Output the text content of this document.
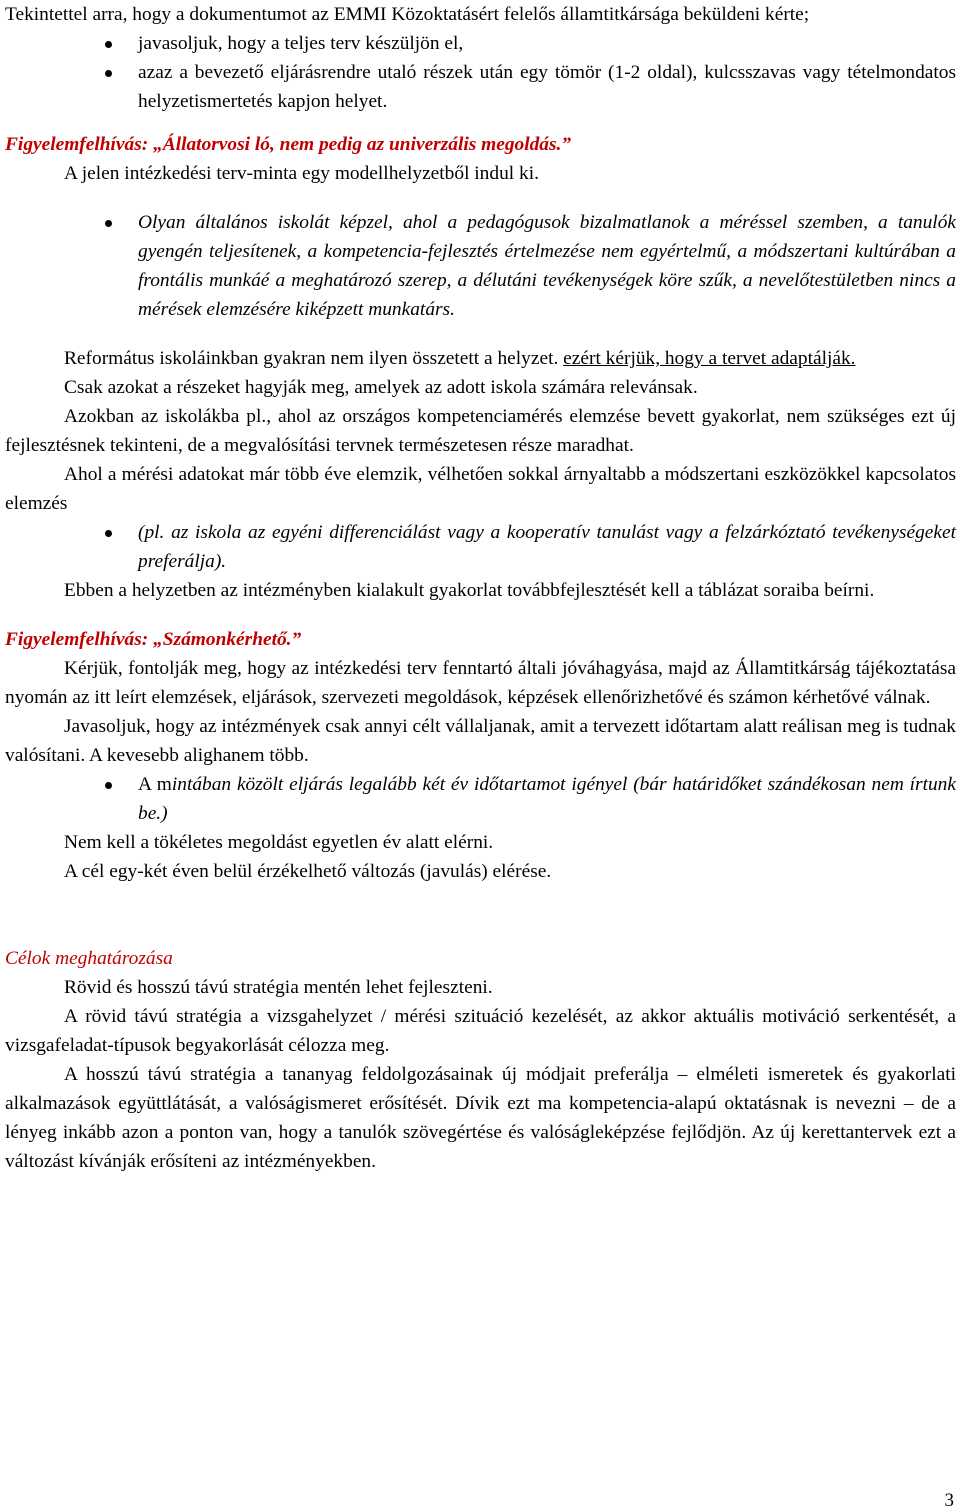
Tekintettel arra, hogy a dokumentumot az EMMI Közoktatásért felelős államtitkársága beküldeni kérte;

javasoljuk, hogy a teljes terv készüljön el,
azaz a bevezető eljárásrendre utaló részek után egy tömör (1-2 oldal), kulcsszavas vagy tételmondatos helyzetismertetés kapjon helyet.

Figyelemfelhívás: „Állatorvosi ló, nem pedig az univerzális megoldás.”

A jelen intézkedési terv-minta egy modellhelyzetből indul ki.

Olyan általános iskolát képzel, ahol a pedagógusok bizalmatlanok a méréssel szemben, a tanulók gyengén teljesítenek, a kompetencia-fejlesztés értelmezése nem egyértelmű, a módszertani kultúrában a frontális munkáé a meghatározó szerep, a délutáni tevékenységek köre szűk, a nevelőtestületben nincs a mérések elemzésére kiképzett munkatárs.

Református iskoláinkban gyakran nem ilyen összetett a helyzet. ezért kérjük, hogy a tervet adaptálják.

Csak azokat a részeket hagyják meg, amelyek az adott iskola számára relevánsak.

Azokban az iskolákba pl., ahol az országos kompetenciamérés elemzése bevett gyakorlat, nem szükséges ezt új fejlesztésnek tekinteni, de a megvalósítási tervnek természetesen része maradhat.

Ahol a mérési adatokat már több éve elemzik, vélhetően sokkal árnyaltabb a módszertani eszközökkel kapcsolatos elemzés

(pl. az iskola az egyéni differenciálást vagy a kooperatív tanulást vagy a felzárkóztató tevékenységeket preferálja).

Ebben a helyzetben az intézményben kialakult gyakorlat továbbfejlesztését kell a táblázat soraiba beírni.

Figyelemfelhívás: „Számonkérhető.”

Kérjük, fontolják meg, hogy az intézkedési terv fenntartó általi jóváhagyása, majd az Államtitkárság tájékoztatása nyomán az itt leírt elemzések, eljárások, szervezeti megoldások, képzések ellenőrizhetővé és számon kérhetővé válnak.

Javasoljuk, hogy az intézmények csak annyi célt vállaljanak, amit a tervezett időtartam alatt reálisan meg is tudnak valósítani. A kevesebb alighanem több.

A mintában közölt eljárás legalább két év időtartamot igényel (bár határidőket szándékosan nem írtunk be.)

Nem kell a tökéletes megoldást egyetlen év alatt elérni.

A cél egy-két éven belül érzékelhető változás (javulás) elérése.

Célok meghatározása

Rövid és hosszú távú stratégia mentén lehet fejleszteni.

A rövid távú stratégia a vizsgahelyzet / mérési szituáció kezelését, az akkor aktuális motiváció serkentését, a vizsgafeladat-típusok begyakorlását célozza meg.

A hosszú távú stratégia a tananyag feldolgozásainak új módjait preferálja – elméleti ismeretek és gyakorlati alkalmazások együttlátását, a valóságismeret erősítését. Dívik ezt ma kompetencia-alapú oktatásnak is nevezni – de a lényeg inkább azon a ponton van, hogy a tanulók szövegértése és valóságleképzése fejlődjön. Az új kerettantervek ezt a változást kívánják erősíteni az intézményekben.

3
